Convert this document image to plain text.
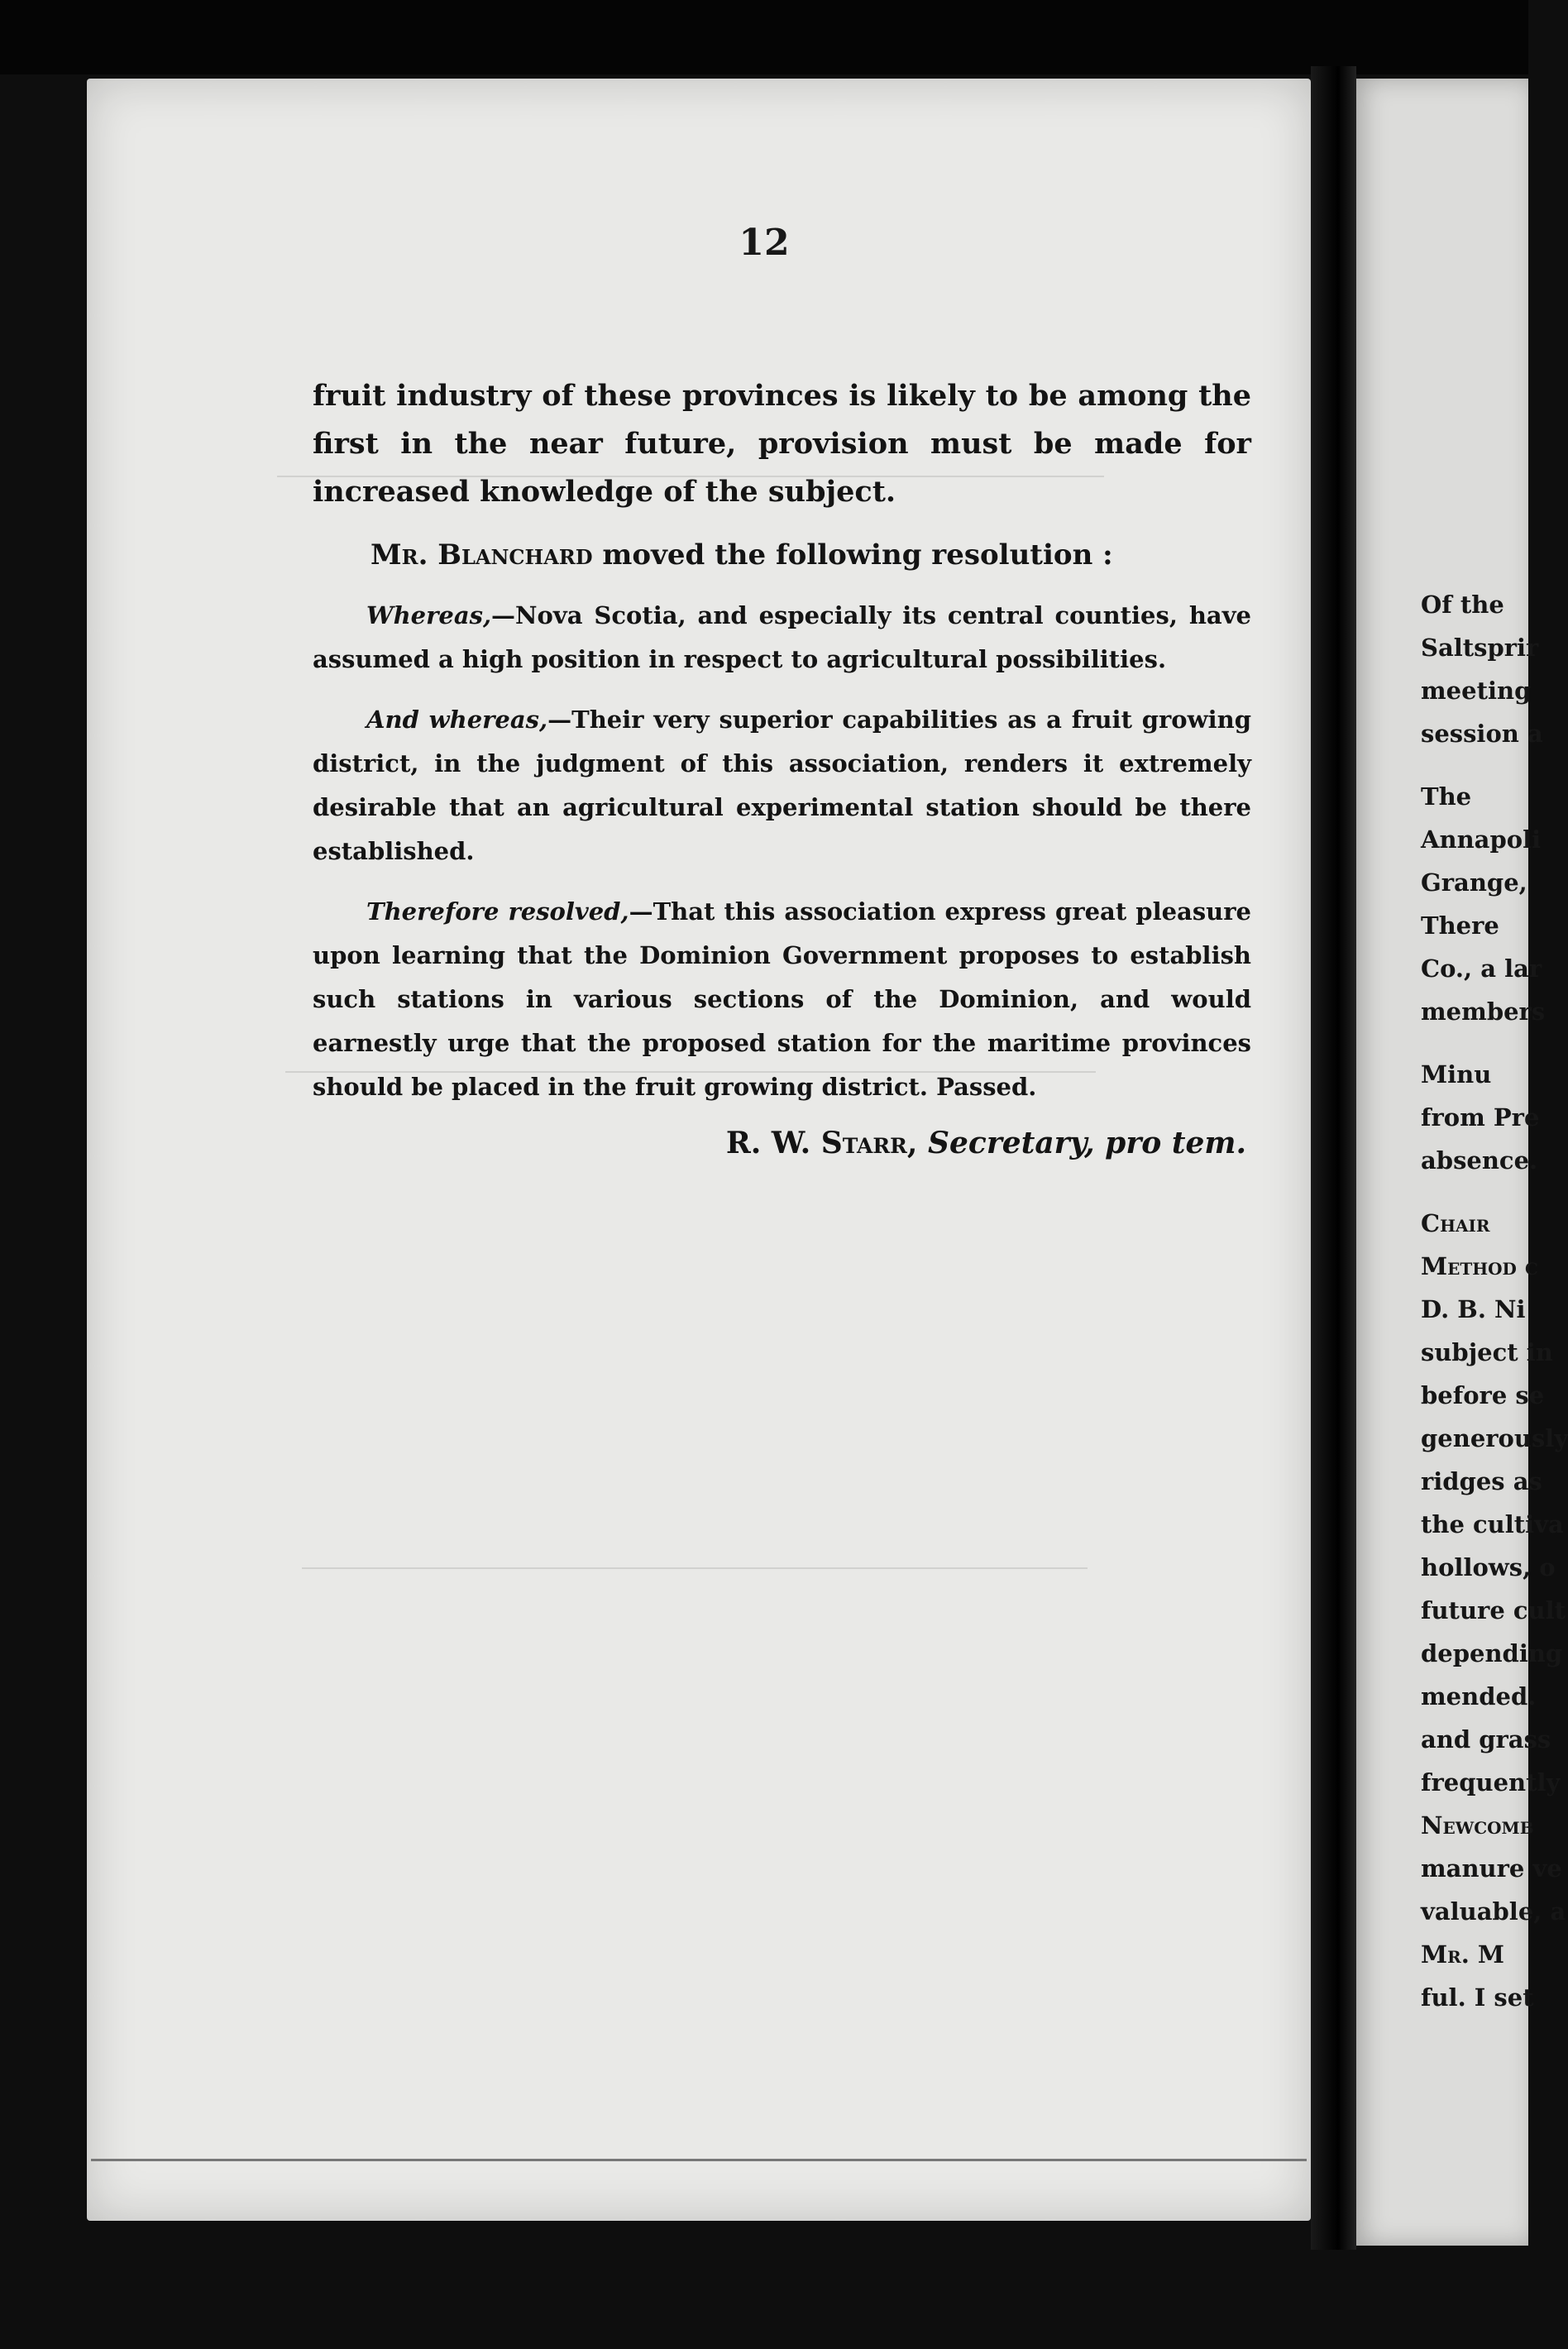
12

fruit industry of these provinces is likely to be among the first in the near future, provision must be made for increased knowledge of the subject.

Mr. Blanchard moved the following resolution :

Whereas,—Nova Scotia, and especially its central counties, have assumed a high position in respect to agricultural possibilities.

And whereas,—Their very superior capabilities as a fruit growing district, in the judgment of this association, renders it extremely desirable that an agricultural experimental station should be there established.

Therefore resolved,—That this association express great pleasure upon learning that the Dominion Government proposes to establish such stations in various sections of the Dominion, and would earnestly urge that the proposed station for the maritime provinces should be placed in the fruit growing district. Passed.

R. W. Starr, Secretary, pro tem.
Of the
Saltsprir
meeting
session a
The
Annapoli
Grange,
There
Co., a lar
members
Minu
from Pre
absence.
Chair
Method c
D. B. Ni
subject in
before se
generously
ridges as
the cultiva
hollows, o
future cult
depending
mended.
and grass
frequently
Newcomb
manure ve
valuable, a
Mr. M
ful. I set
